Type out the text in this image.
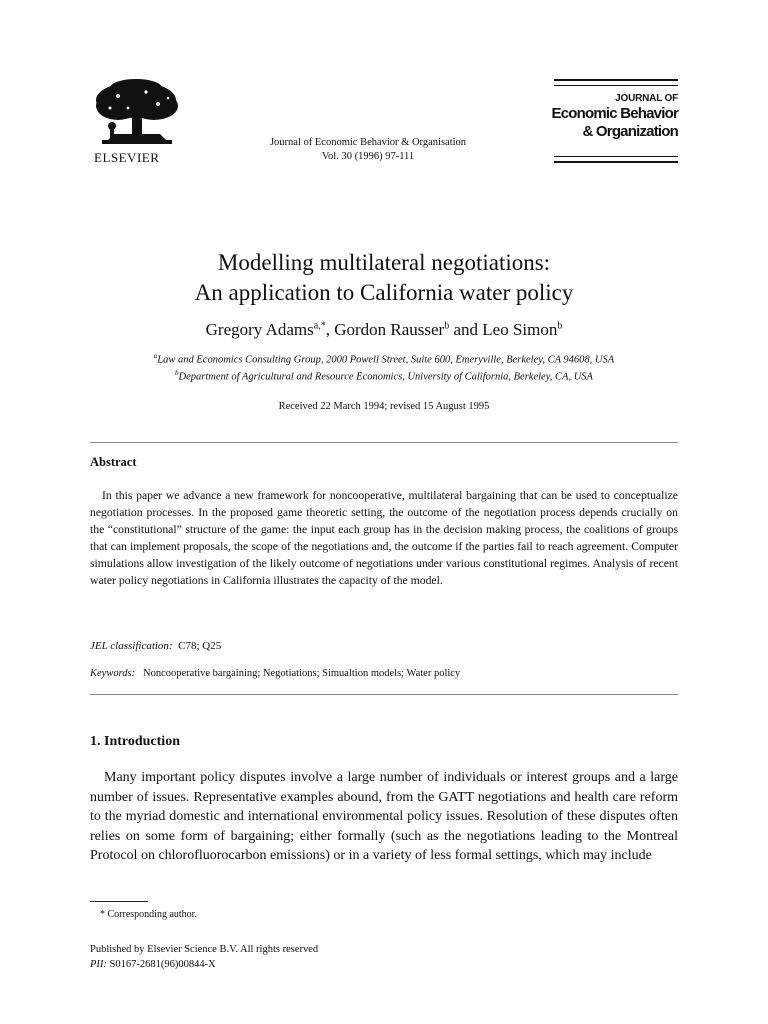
ELSEVIER
Journal of Economic Behavior & Organisation
Vol. 30 (1996) 97-111
JOURNAL OF
Economic Behavior
& Organization
Modelling multilateral negotiations:
An application to California water policy
Gregory Adams$^{a,*}$, Gordon Rausser$^b$ and Leo Simon$^b$
$^a$Law and Economics Consulting Group, 2000 Powell Street, Suite 600, Emeryville, Berkeley, CA 94608, USA
$^b$Department of Agricultural and Resource Economics, University of California, Berkeley, CA, USA
Received 22 March 1994; revised 15 August 1995
Abstract
In this paper we advance a new framework for noncooperative, multilateral bargaining that can be used to conceptualize negotiation processes. In the proposed game theoretic setting, the outcome of the negotiation process depends crucially on the “constitutional” structure of the game: the input each group has in the decision making process, the coalitions of groups that can implement proposals, the scope of the negotiations and, the outcome if the parties fail to reach agreement. Computer simulations allow investigation of the likely outcome of negotiations under various constitutional regimes. Analysis of recent water policy negotiations in California illustrates the capacity of the model.
JEL classification: C78; Q25
Keywords: Noncooperative bargaining; Negotiations; Simualtion models; Water policy
1. Introduction
Many important policy disputes involve a large number of individuals or interest groups and a large number of issues. Representative examples abound, from the GATT negotiations and health care reform to the myriad domestic and international environmental policy issues. Resolution of these disputes often relies on some form of bargaining; either formally (such as the negotiations leading to the Montreal Protocol on chlorofluorocarbon emissions) or in a variety of less formal settings, which may include
* Corresponding author.
Published by Elsevier Science B.V. All rights reserved
PII: S0167-2681(96)00844-X
